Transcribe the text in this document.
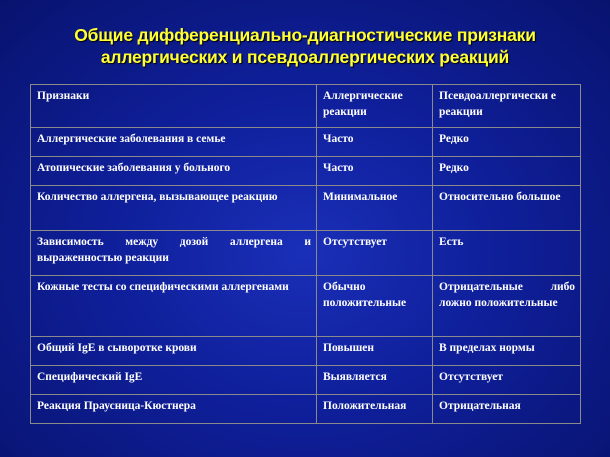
Общие дифференциально-диагностические признаки
аллергических и псевдоаллергических реакций
Признаки	Аллергические реакции	Псевдоаллергически е реакции
Аллергические заболевания в семье	Часто	Редко
Атопические заболевания у больного	Часто	Редко
Количество аллергена, вызывающее реакцию	Минимальное	Относительно большое
Зависимость между дозой аллергена и выраженностью реакции	Отсутствует	Есть
Кожные тесты со специфическими аллергенами	Обычно положительные	Отрицательные либо ложно положительные
Общий IgE в сыворотке крови	Повышен	В пределах нормы
Специфический IgE	Выявляется	Отсутствует
Реакция Праусница-Кюстнера	Положительная	Отрицательная
